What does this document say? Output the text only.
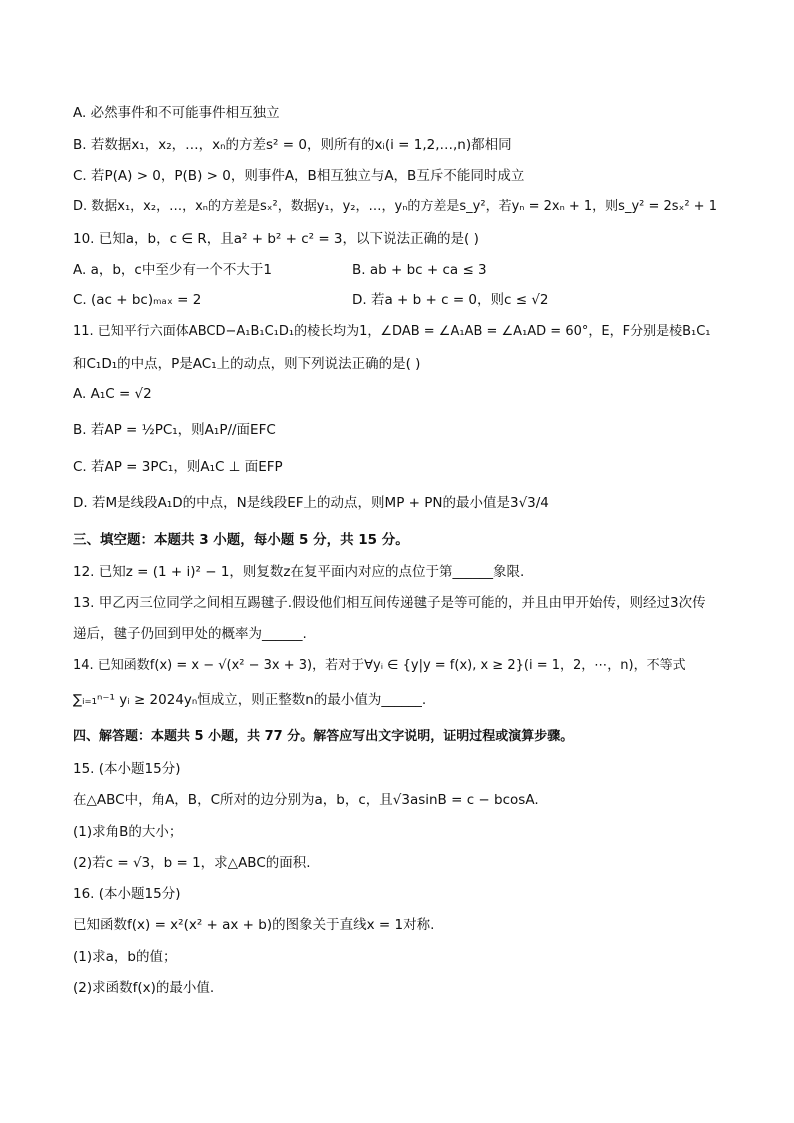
A. 必然事件和不可能事件相互独立
B. 若数据x₁，x₂，…，xₙ的方差s² = 0，则所有的xᵢ(i = 1,2,…,n)都相同
C. 若P(A) > 0，P(B) > 0，则事件A，B相互独立与A，B互斥不能同时成立
D. 数据x₁，x₂，…，xₙ的方差是sₓ²，数据y₁，y₂，…，yₙ的方差是s_y²，若yₙ = 2xₙ + 1，则s_y² = 2sₓ² + 1
10. 已知a，b，c ∈ R，且a² + b² + c² = 3，以下说法正确的是( )
A. a，b，c中至少有一个不大于1	B. ab + bc + ca ≤ 3
C. (ac + bc)ₘₐₓ = 2	D. 若a + b + c = 0，则c ≤ √2
11. 已知平行六面体ABCD−A₁B₁C₁D₁的棱长均为1，∠DAB = ∠A₁AB = ∠A₁AD = 60°，E，F分别是棱B₁C₁
和C₁D₁的中点，P是AC₁上的动点，则下列说法正确的是( )
A. A₁C = √2
B. 若AP = ½PC₁，则A₁P//面EFC
C. 若AP = 3PC₁，则A₁C ⊥ 面EFP
D. 若M是线段A₁D的中点，N是线段EF上的动点，则MP + PN的最小值是3√3/4
三、填空题：本题共 3 小题，每小题 5 分，共 15 分。
12. 已知z = (1 + i)² − 1，则复数z在复平面内对应的点位于第______象限.
13. 甲乙丙三位同学之间相互踢毽子.假设他们相互间传递毽子是等可能的，并且由甲开始传，则经过3次传
递后，毽子仍回到甲处的概率为______.
14. 已知函数f(x) = x − √(x² − 3x + 3)，若对于∀yᵢ ∈ {y|y = f(x), x ≥ 2}(i = 1，2，⋯，n)，不等式
∑ᵢ₌₁ⁿ⁻¹ yᵢ ≥ 2024yₙ恒成立，则正整数n的最小值为______.
四、解答题：本题共 5 小题，共 77 分。解答应写出文字说明，证明过程或演算步骤。
15. (本小题15分)
在△ABC中，角A，B，C所对的边分别为a，b，c，且√3asinB = c − bcosA.
(1)求角B的大小；
(2)若c = √3，b = 1，求△ABC的面积.
16. (本小题15分)
已知函数f(x) = x²(x² + ax + b)的图象关于直线x = 1对称.
(1)求a，b的值；
(2)求函数f(x)的最小值.
